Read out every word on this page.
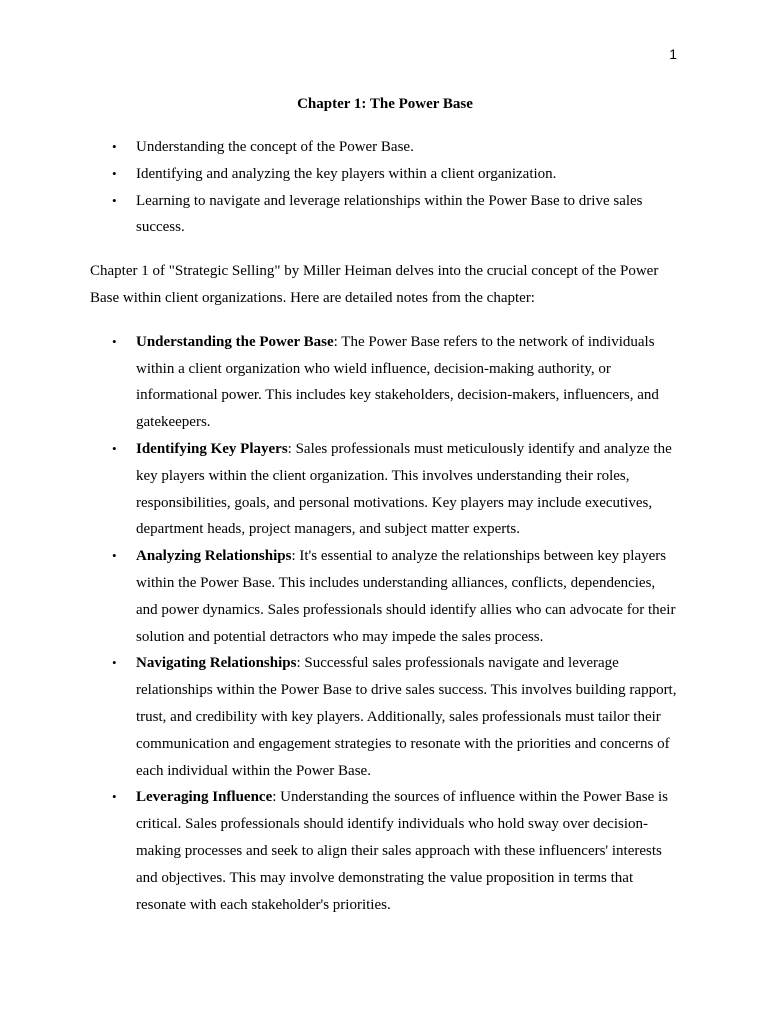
1
Chapter 1: The Power Base
• Understanding the concept of the Power Base.
• Identifying and analyzing the key players within a client organization.
• Learning to navigate and leverage relationships within the Power Base to drive sales success.

Chapter 1 of "Strategic Selling" by Miller Heiman delves into the crucial concept of the Power Base within client organizations. Here are detailed notes from the chapter:

• Understanding the Power Base: The Power Base refers to the network of individuals within a client organization who wield influence, decision-making authority, or informational power. This includes key stakeholders, decision-makers, influencers, and gatekeepers.
• Identifying Key Players: Sales professionals must meticulously identify and analyze the key players within the client organization. This involves understanding their roles, responsibilities, goals, and personal motivations. Key players may include executives, department heads, project managers, and subject matter experts.
• Analyzing Relationships: It's essential to analyze the relationships between key players within the Power Base. This includes understanding alliances, conflicts, dependencies, and power dynamics. Sales professionals should identify allies who can advocate for their solution and potential detractors who may impede the sales process.
• Navigating Relationships: Successful sales professionals navigate and leverage relationships within the Power Base to drive sales success. This involves building rapport, trust, and credibility with key players. Additionally, sales professionals must tailor their communication and engagement strategies to resonate with the priorities and concerns of each individual within the Power Base.
• Leveraging Influence: Understanding the sources of influence within the Power Base is critical. Sales professionals should identify individuals who hold sway over decision-making processes and seek to align their sales approach with these influencers' interests and objectives. This may involve demonstrating the value proposition in terms that resonate with each stakeholder's priorities.
